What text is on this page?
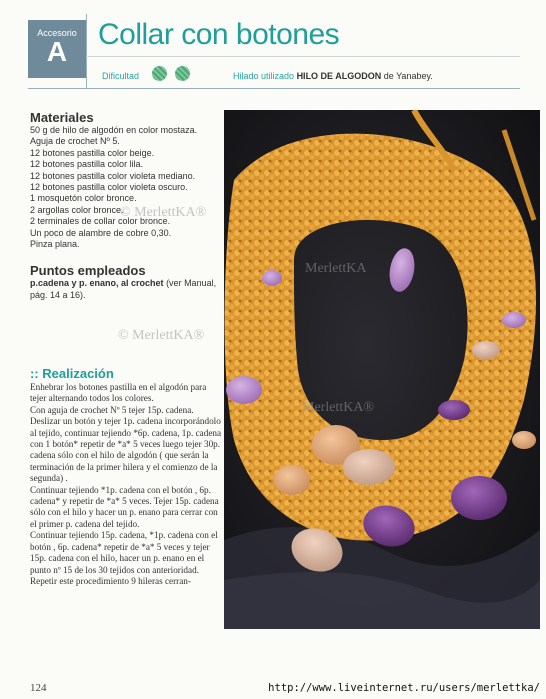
Accesorio
A
Collar con botones
Dificultad	Hilado utilizado HILO DE ALGODON de Yanabey.
Materiales
50 g de hilo de algodón en color mostaza.
Aguja de crochet Nº 5.
12 botones pastilla color beige.
12 botones pastilla color lila.
12 botones pastilla color violeta mediano.
12 botones pastilla color violeta oscuro.
1 mosquetón color bronce.
2 argollas color bronce.
2 terminales de collar color bronce.
Un poco de alambre de cobre 0,30.
Pinza plana.
Puntos empleados
p.cadena y p. enano, al crochet (ver Manual, pág. 14 a 16).
:: Realización

Enhebrar los botones pastilla en el algodón para tejer alternando todos los colores.

Con aguja de crochet Nº 5 tejer 15p. cadena. Deslizar un botón y tejer 1p. cadena incorporándolo al tejido, continuar tejiendo *6p. cadena, 1p. cadena con 1 botón* repetir de *a* 5 veces luego tejer 30p. cadena sólo con el hilo de algodón ( que serán la terminación de la primer hilera y el comienzo de la segunda) .

Continuar tejiendo *1p. cadena con el botón , 6p. cadena* y repetir de *a* 5 veces. Tejer 15p. cadena sólo con el hilo y hacer un p. enano para cerrar con el primer p. cadena del tejido.

Continuar tejiendo 15p. cadena, *1p. cadena con el botón , 6p. cadena* repetir de *a* 5 veces y tejer 15p. cadena con el hilo, hacer un p. enano en el punto nº 15 de los 30 tejidos con anterioridad.

Repetir este procedimiento 9 hileras cerran-

© MerlettKA®
MerlettKA
© MerlettKA®
MerlettKA®
124	http://www.liveinternet.ru/users/merlettka/
